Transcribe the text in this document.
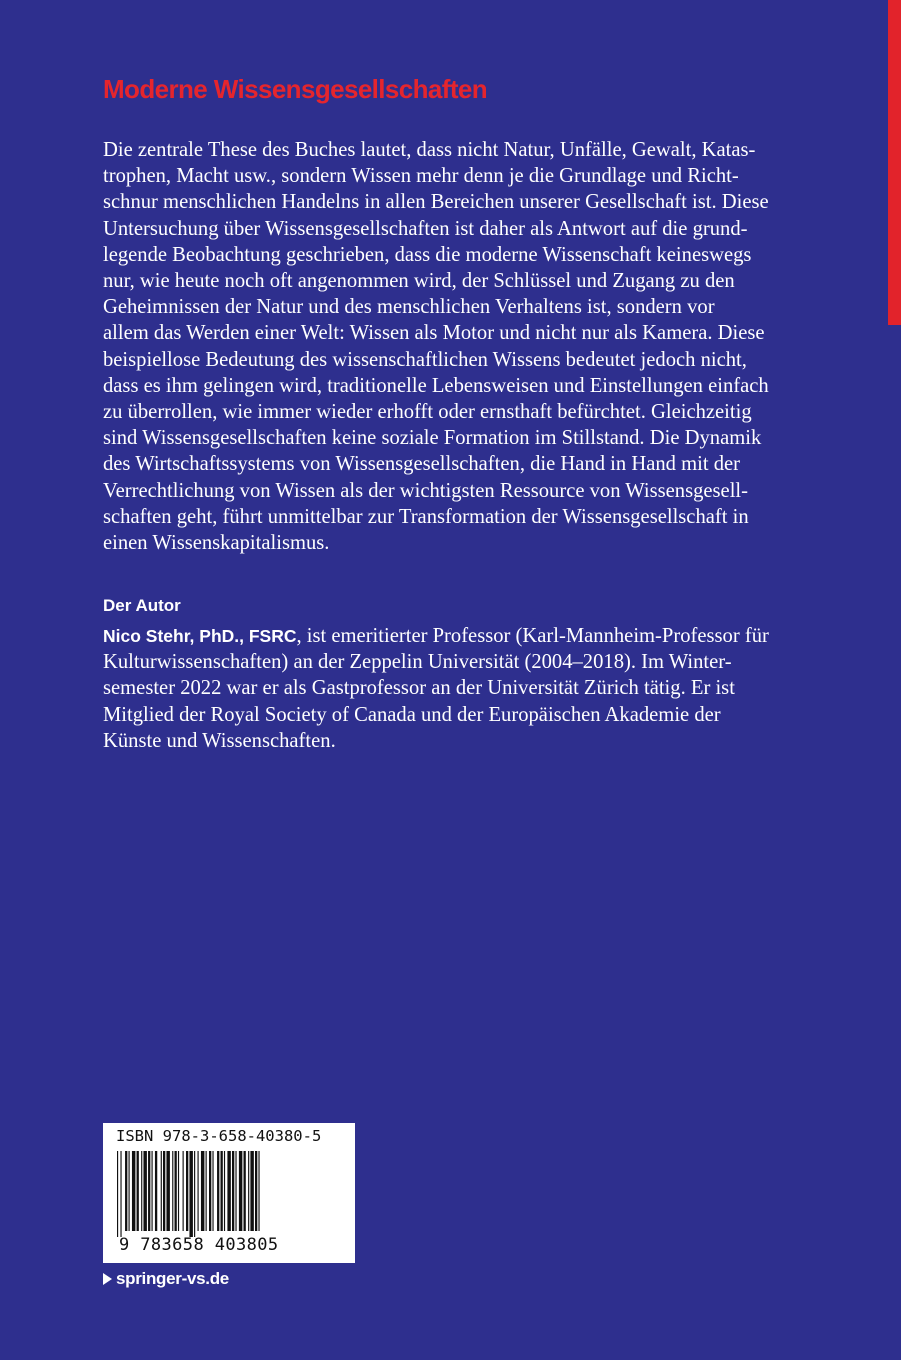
Moderne Wissensgesellschaften

Die zentrale These des Buches lautet, dass nicht Natur, Unfälle, Gewalt, Katas-
trophen, Macht usw., sondern Wissen mehr denn je die Grundlage und Richt-
schnur menschlichen Handelns in allen Bereichen unserer Gesellschaft ist. Diese
Untersuchung über Wissensgesellschaften ist daher als Antwort auf die grund-
legende Beobachtung geschrieben, dass die moderne Wissenschaft keineswegs
nur, wie heute noch oft angenommen wird, der Schlüssel und Zugang zu den
Geheimnissen der Natur und des menschlichen Verhaltens ist, sondern vor
allem das Werden einer Welt: Wissen als Motor und nicht nur als Kamera. Diese
beispiellose Bedeutung des wissenschaftlichen Wissens bedeutet jedoch nicht,
dass es ihm gelingen wird, traditionelle Lebensweisen und Einstellungen einfach
zu überrollen, wie immer wieder erhofft oder ernsthaft befürchtet. Gleichzeitig
sind Wissensgesellschaften keine soziale Formation im Stillstand. Die Dynamik
des Wirtschaftssystems von Wissensgesellschaften, die Hand in Hand mit der
Verrechtlichung von Wissen als der wichtigsten Ressource von Wissensgesell-
schaften geht, führt unmittelbar zur Transformation der Wissensgesellschaft in
einen Wissenskapitalismus.

Der Autor

Nico Stehr, PhD., FSRC, ist emeritierter Professor (Karl-Mannheim-Professor für
Kulturwissenschaften) an der Zeppelin Universität (2004–2018). Im Winter-
semester 2022 war er als Gastprofessor an der Universität Zürich tätig. Er ist
Mitglied der Royal Society of Canada und der Europäischen Akademie der
Künste und Wissenschaften.

ISBN 978-3-658-40380-5
9 783658 403805
springer-vs.de
